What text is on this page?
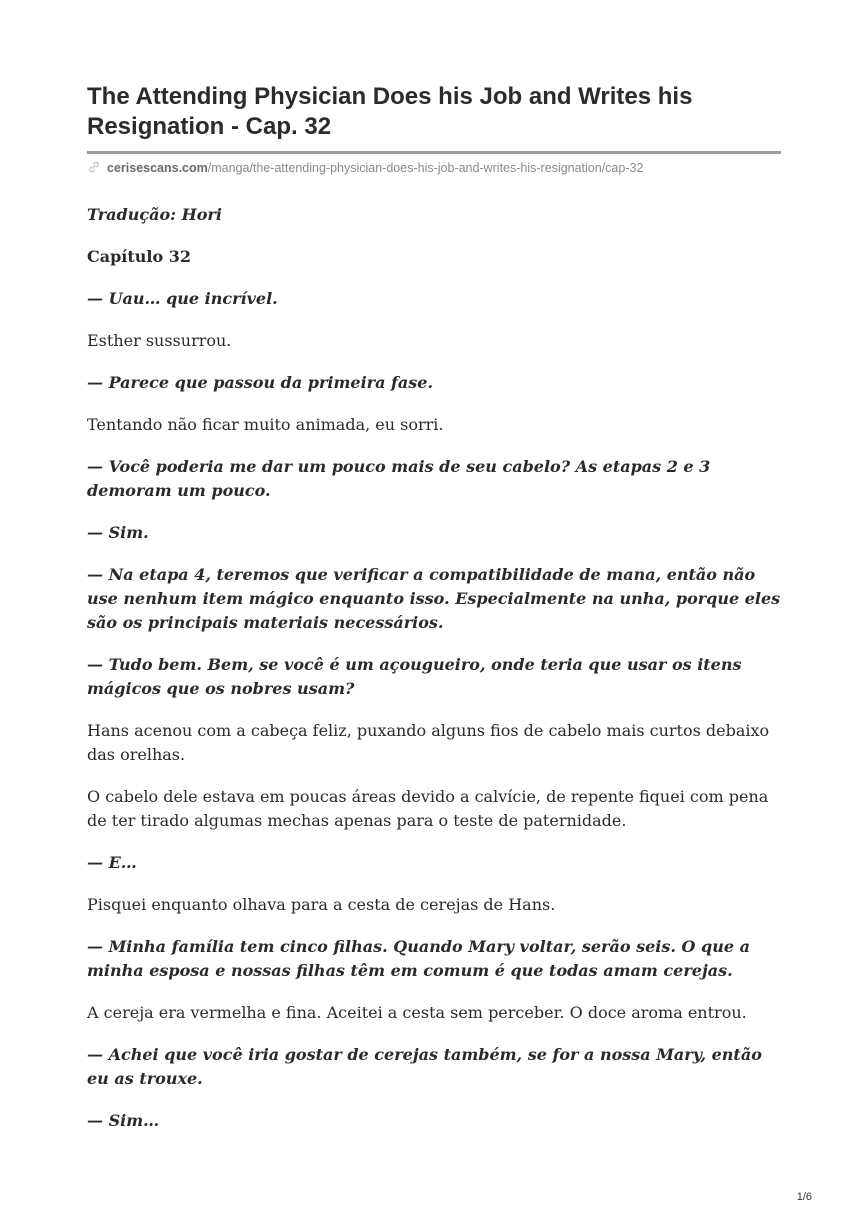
The Attending Physician Does his Job and Writes his Resignation - Cap. 32
cerisescans.com/manga/the-attending-physician-does-his-job-and-writes-his-resignation/cap-32

Tradução: Hori

Capítulo 32

— Uau… que incrível.

Esther sussurrou.

— Parece que passou da primeira fase.

Tentando não ficar muito animada, eu sorri.

— Você poderia me dar um pouco mais de seu cabelo? As etapas 2 e 3 demoram um pouco.

— Sim.

— Na etapa 4, teremos que verificar a compatibilidade de mana, então não use nenhum item mágico enquanto isso. Especialmente na unha, porque eles são os principais materiais necessários.

— Tudo bem. Bem, se você é um açougueiro, onde teria que usar os itens mágicos que os nobres usam?

Hans acenou com a cabeça feliz, puxando alguns fios de cabelo mais curtos debaixo das orelhas.

O cabelo dele estava em poucas áreas devido a calvície, de repente fiquei com pena de ter tirado algumas mechas apenas para o teste de paternidade.

— E…

Pisquei enquanto olhava para a cesta de cerejas de Hans.

— Minha família tem cinco filhas. Quando Mary voltar, serão seis. O que a minha esposa e nossas filhas têm em comum é que todas amam cerejas.

A cereja era vermelha e fina. Aceitei a cesta sem perceber. O doce aroma entrou.

— Achei que você iria gostar de cerejas também, se for a nossa Mary, então eu as trouxe.

— Sim…

1/6
